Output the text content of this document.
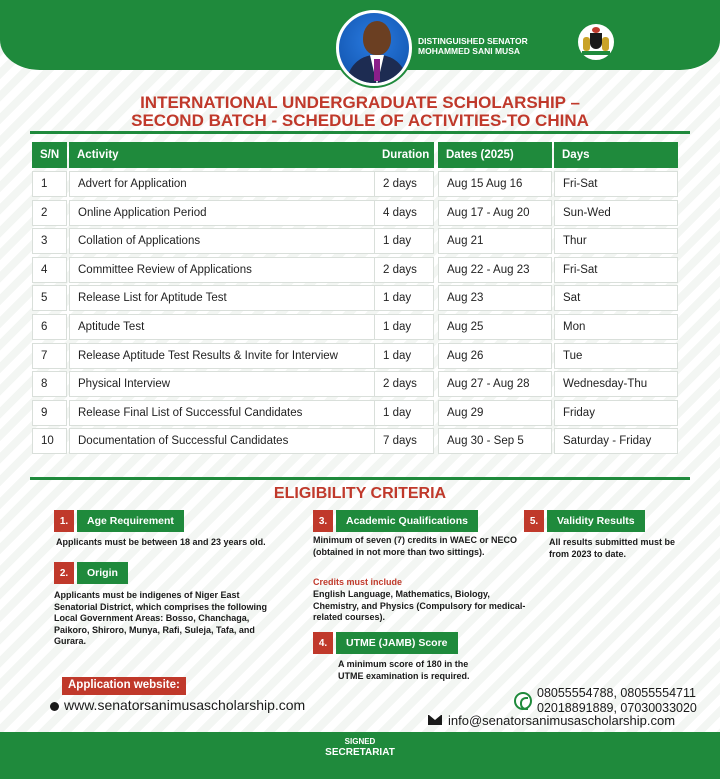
DISTINGUISHED SENATOR MOHAMMED SANI MUSA
INTERNATIONAL UNDERGRADUATE SCHOLARSHIP –
SECOND BATCH - SCHEDULE OF ACTIVITIES-TO CHINA
S/N	Activity	Duration	Dates (2025)	Days
1	Advert for Application	2 days	Aug 15 Aug 16	Fri-Sat
2	Online Application Period	4 days	Aug 17 - Aug 20	Sun-Wed
3	Collation of Applications	1 day	Aug 21	Thur
4	Committee Review of Applications	2 days	Aug 22 - Aug 23	Fri-Sat
5	Release List for Aptitude Test	1 day	Aug 23	Sat
6	Aptitude Test	1 day	Aug 25	Mon
7	Release Aptitude Test Results & Invite for Interview	1 day	Aug 26	Tue
8	Physical Interview	2 days	Aug 27 - Aug 28	Wednesday-Thu
9	Release Final List of Successful Candidates	1 day	Aug 29	Friday
10	Documentation of Successful Candidates	7 days	Aug 30 - Sep 5	Saturday - Friday
ELIGIBILITY CRITERIA
1.	Age Requirement
Applicants must be between 18 and 23 years old.
2.	Origin
Applicants must be indigenes of Niger East Senatorial District, which comprises the following Local Government Areas: Bosso, Chanchaga, Paikoro, Shiroro, Munya, Rafi, Suleja, Tafa, and Gurara.
3.	Academic Qualifications
Minimum of seven (7) credits in WAEC or NECO (obtained in not more than two sittings).
Credits must include
English Language, Mathematics, Biology, Chemistry, and Physics (Compulsory for medical-related courses).
4.	UTME (JAMB) Score
A minimum score of 180 in the UTME examination is required.
5.	Validity Results
All results submitted must be from 2023 to date.
Application website:
www.senatorsanimusascholarship.com
08055554788, 08055554711
02018891889, 07030033020
info@senatorsanimusascholarship.com
SIGNED
SECRETARIAT
